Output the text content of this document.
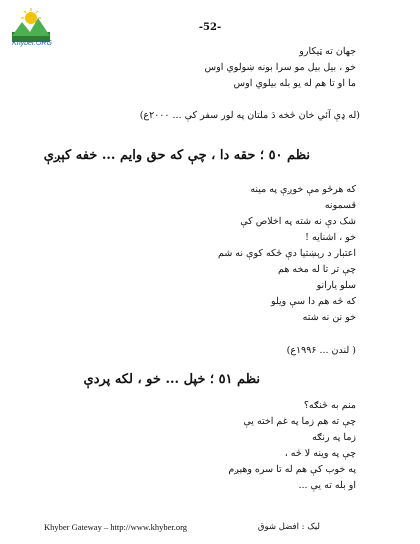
Khyber.ORG
-52-
جهان ته ټيکارو
خو ، بيل بيل مو سرا بونه ښولوي اوس
ما او تا هم له يو بله بيلوي اوس
(له ډې آئي خان څخه دَ ملتان په لور سفر کې ... ۲۰۰۰ع)
نظم ٥٠ ؛ حقه دا ، چې که حق وايم ... خفه کېږې
که هرڅو مې خوږې په مينه
قسمونه
شک دې نه شته په اخلاص کې
خو ، اشنايه !
اعتبار د رېښتيا دې څکه کوې نه شم
چې تر تا له مخه هم
سلو يارانو
که څه هم دا سې ويلو
خو نن نه شته
( لندن ... ۱۹۹۶ع)
نظم ٥١ ؛ خپل ... خو ، لکه پردې
منم به څنګه؟
چې ته هم زما په غم اخته يې
زما په رنګه
چې په وينه لا څه ،
په خوب کې هم له تا سره وهېږم
او بله ته يې ...
Khyber Gateway – http://www.khyber.org	ليک : افضل شوق
